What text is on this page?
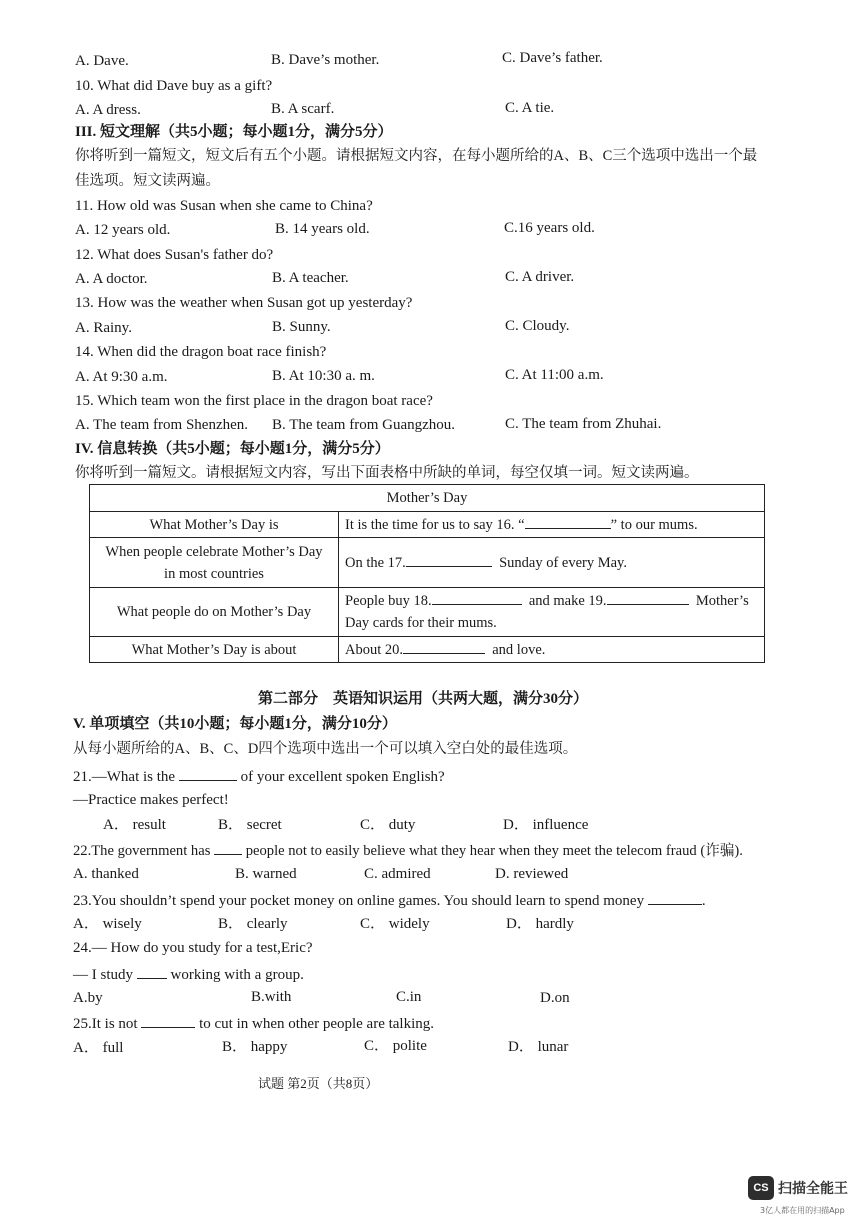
A. Dave.	B. Dave’s mother.	C. Dave’s father.
10. What did Dave buy as a gift?
A. A dress.	B. A scarf.	C. A tie.
III. 短文理解（共5小题；每小题1分，满分5分）
你将听到一篇短文，短文后有五个小题。请根据短文内容，在每小题所给的A、B、C三个选项中选出一个最
佳选项。短文读两遍。
11. How old was Susan when she came to China?
A. 12 years old.	B. 14 years old.	C.16 years old.
12. What does Susan's father do?
A. A doctor.	B. A teacher.	C. A driver.
13. How was the weather when Susan got up yesterday?
A. Rainy.	B. Sunny.	C. Cloudy.
14. When did the dragon boat race finish?
A. At 9:30 a.m.	B. At 10:30 a. m.	C. At 11:00 a.m.
15. Which team won the first place in the dragon boat race?
A. The team from Shenzhen. B. The team from Guangzhou.	C. The team from Zhuhai.
IV. 信息转换（共5小题；每小题1分，满分5分）
你将听到一篇短文。请根据短文内容，写出下面表格中所缺的单词，每空仅填一词。短文读两遍。
Mother’s Day	
What Mother’s Day is	It is the time for us to say 16. “ ” to our mums.

When people celebrate Mother’s Day
in most countries	On the 17. Sunday of every May.
What people do on Mother’s Day	People buy 18. and make 19. Mother’s
Day cards for their mums.

What Mother’s Day is about	About 20. and love.
第二部分　英语知识运用（共两大题，满分30分）
V. 单项填空（共10小题；每小题1分，满分10分）
从每小题所给的A、B、C、D四个选项中选出一个可以填入空白处的最佳选项。
21.—What is the	of your excellent spoken English?
—Practice makes perfect!
A． result	B． secret	C． duty	D． influence
22.The government has people not to easily believe what they hear when they meet the telecom fraud (诈骗).
A. thanked	B. warned	C. admired	D. reviewed
23.You shouldn’t spend your pocket money on online games. You should learn to spend money	.
A． wisely	B． clearly	C． widely	D． hardly
24.— How do you study for a test,Eric?
— I study	working with a group.
A.by	B.with	C.in	D.on
25.It is not	to cut in when other people are talking.
A． full	B． happy	C． polite	D． lunar
试题 第2页（共8页）
CS 扫描全能王
3亿人都在用的扫描App
